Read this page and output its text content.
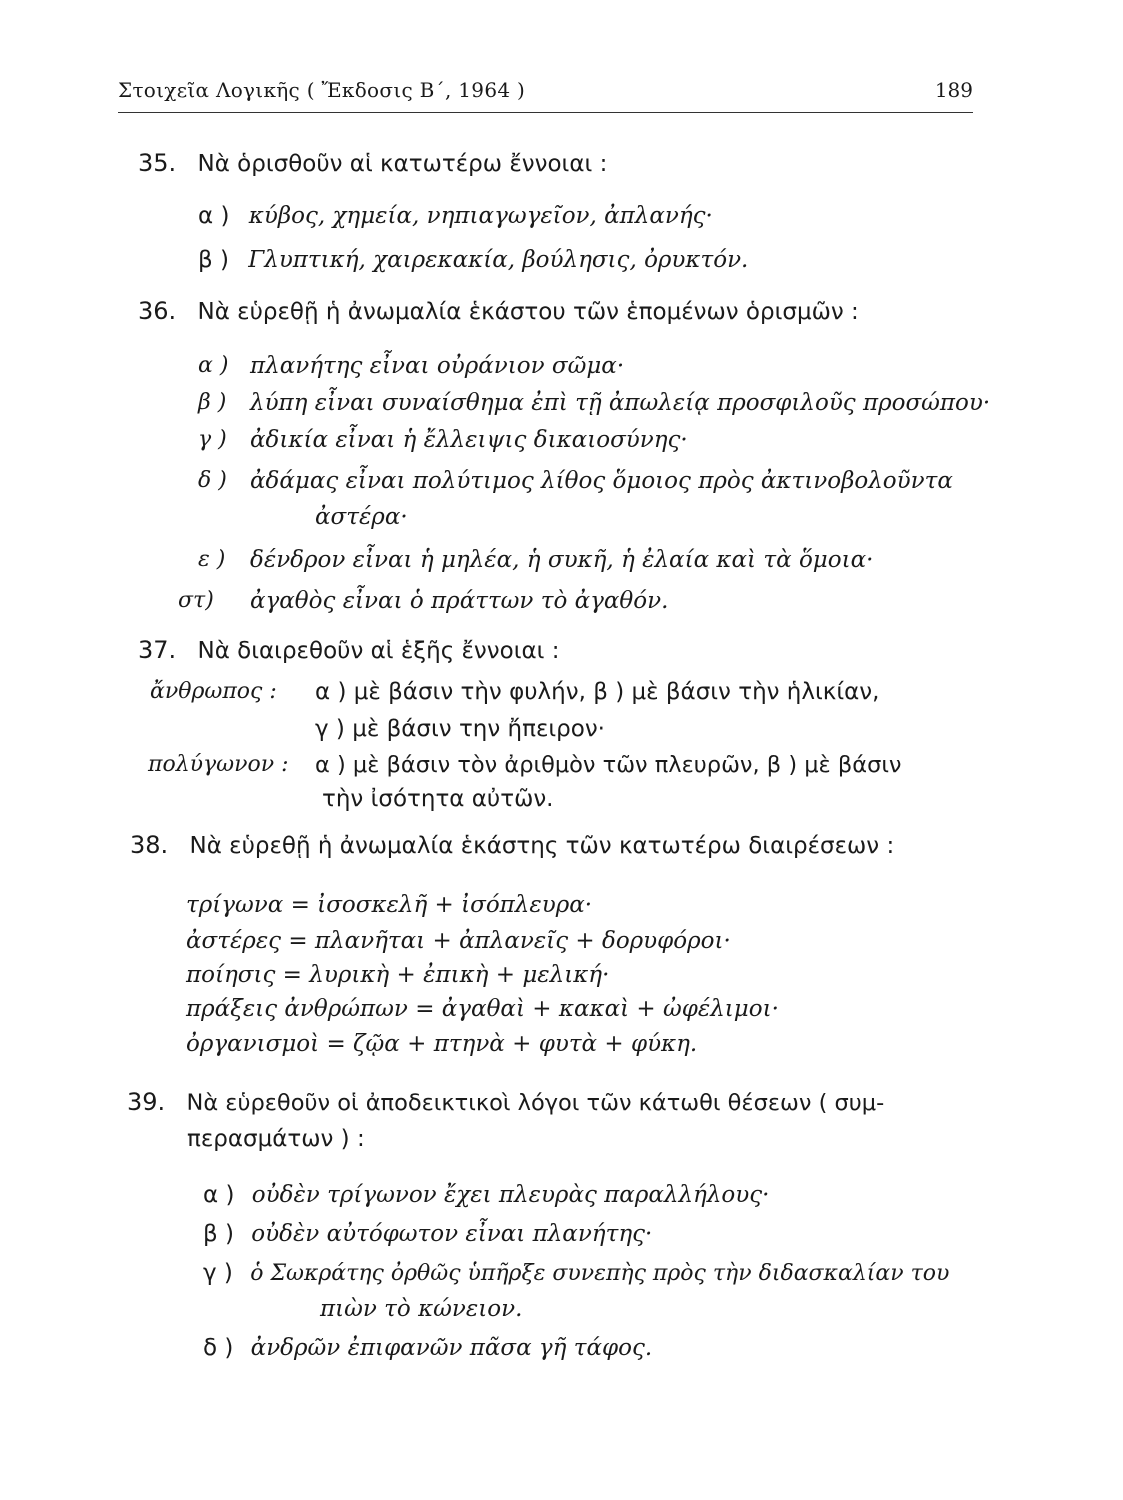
Στοιχεῖα Λογικῆς ( Ἔκδοσις Β΄, 1964 )	189
35. Νὰ ὁρισθοῦν αἱ κατωτέρω ἔννοιαι :
α ) κύβος, χημεία, νηπιαγωγεῖον, ἀπλανής·
β ) Γλυπτική, χαιρεκακία, βούλησις, ὀρυκτόν.
36. Νὰ εὑρεθῇ ἡ ἀνωμαλία ἑκάστου τῶν ἑπομένων ὁρισμῶν :
α ) πλανήτης εἶναι οὐράνιον σῶμα·
β ) λύπη εἶναι συναίσθημα ἐπὶ τῇ ἀπωλείᾳ προσφιλοῦς προσώπου·
γ ) ἀδικία εἶναι ἡ ἔλλειψις δικαιοσύνης·
δ ) ἀδάμας εἶναι πολύτιμος λίθος ὅμοιος πρὸς ἀκτινοβολοῦντα
ἀστέρα·
ε ) δένδρον εἶναι ἡ μηλέα, ἡ συκῆ, ἡ ἐλαία καὶ τὰ ὅμοια·
στ) ἀγαθὸς εἶναι ὁ πράττων τὸ ἀγαθόν.
37. Νὰ διαιρεθοῦν αἱ ἑξῆς ἔννοιαι :
ἄνθρωπος : α ) μὲ βάσιν τὴν φυλήν, β ) μὲ βάσιν τὴν ἡλικίαν,
γ ) μὲ βάσιν την ἤπειρον·
πολύγωνον : α ) μὲ βάσιν τὸν ἀριθμὸν τῶν πλευρῶν, β ) μὲ βάσιν
τὴν ἰσότητα αὐτῶν.
38. Νὰ εὑρεθῇ ἡ ἀνωμαλία ἑκάστης τῶν κατωτέρω διαιρέσεων :
τρίγωνα = ἰσοσκελῆ + ἰσόπλευρα·
ἀστέρες = πλανῆται + ἀπλανεῖς + δορυφόροι·
ποίησις = λυρικὴ + ἐπικὴ + μελική·
πράξεις ἀνθρώπων = ἀγαθαὶ + κακαὶ + ὠφέλιμοι·
ὀργανισμοὶ = ζῷα + πτηνὰ + φυτὰ + φύκη.
39. Νὰ εὑρεθοῦν οἱ ἀποδεικτικοὶ λόγοι τῶν κάτωθι θέσεων ( συμ-
περασμάτων ) :
α ) οὐδὲν τρίγωνον ἔχει πλευρὰς παραλλήλους·
β ) οὐδὲν αὐτόφωτον εἶναι πλανήτης·
γ ) ὁ Σωκράτης ὀρθῶς ὑπῆρξε συνεπὴς πρὸς τὴν διδασκαλίαν του
πιὼν τὸ κώνειον.
δ ) ἀνδρῶν ἐπιφανῶν πᾶσα γῆ τάφος.
